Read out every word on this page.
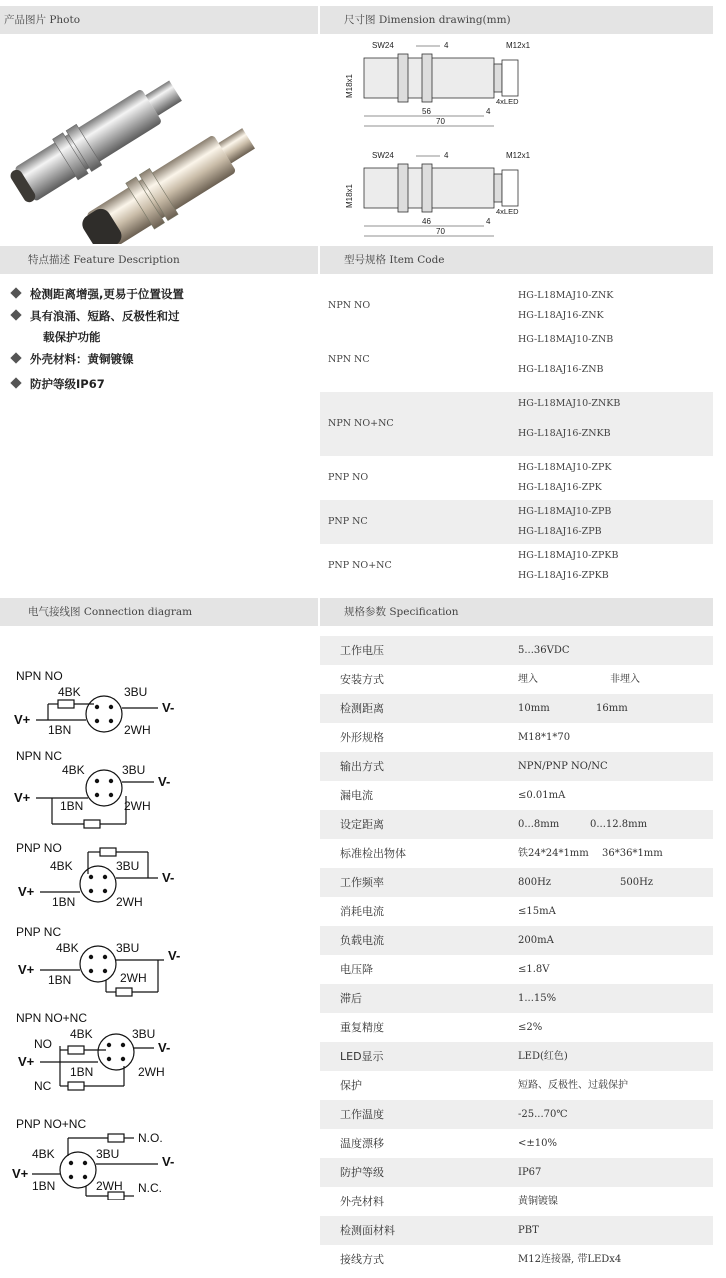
产品图片 Photo	尺寸图 Dimension drawing(mm)
特点描述 Feature Description	型号规格 Item Code
电气接线图 Connection diagram	规格参数 Specification
SW24	4	M12x1
M18x1
56	4
4xLED
70
SW24	4	M12x1
M18x1
46	4
4xLED
70
检测距离增强,更易于位置设置
具有浪涌、短路、反极性和过
载保护功能
外壳材料：黄铜镀镍
防护等级IP67
NPN NO
HG-L18MAJ10-ZNK
HG-L18AJ16-ZNK
NPN NC
HG-L18MAJ10-ZNB
HG-L18AJ16-ZNB
NPN NO+NC
HG-L18MAJ10-ZNKB
HG-L18AJ16-ZNKB
PNP NO
HG-L18MAJ10-ZPK
HG-L18AJ16-ZPK
PNP NC
HG-L18MAJ10-ZPB
HG-L18AJ16-ZPB
PNP NO+NC
HG-L18MAJ10-ZPKB
HG-L18AJ16-ZPKB
NPN NO
4BK	3BU
V+
V-
1BN	2WH
NPN NC
4BK	3BU
V+
V-
1BN	2WH
PNP NO
4BK	3BU
V+
V-
1BN	2WH
PNP NC
4BK	3BU
V+
V-
1BN	2WH
NPN NO+NC
4BK	3BU
NO
V+
V-
NC
1BN	2WH
PNP NO+NC
4BK	3BU
V+
V-
N.O.
N.C.
1BN	2WH
工作电压	5...36VDC
安装方式	埋入	非埋入
检测距离	10mm	16mm
外形规格	M18*1*70
输出方式	NPN/PNP NO/NC
漏电流	≤0.01mA
设定距离	0...8mm	0...12.8mm
标准检出物体	铁24*24*1mm 36*36*1mm
工作频率	800Hz	500Hz
消耗电流	≤15mA
负载电流	200mA
电压降	≤1.8V
滞后	1...15%
重复精度	≤2%
LED显示	LED(红色)
保护	短路、反极性、过载保护
工作温度	-25...70℃
温度漂移	<±10%
防护等级	IP67
外壳材料	黄铜镀镍
检测面材料	PBT
接线方式	M12连接器, 带LEDx4
